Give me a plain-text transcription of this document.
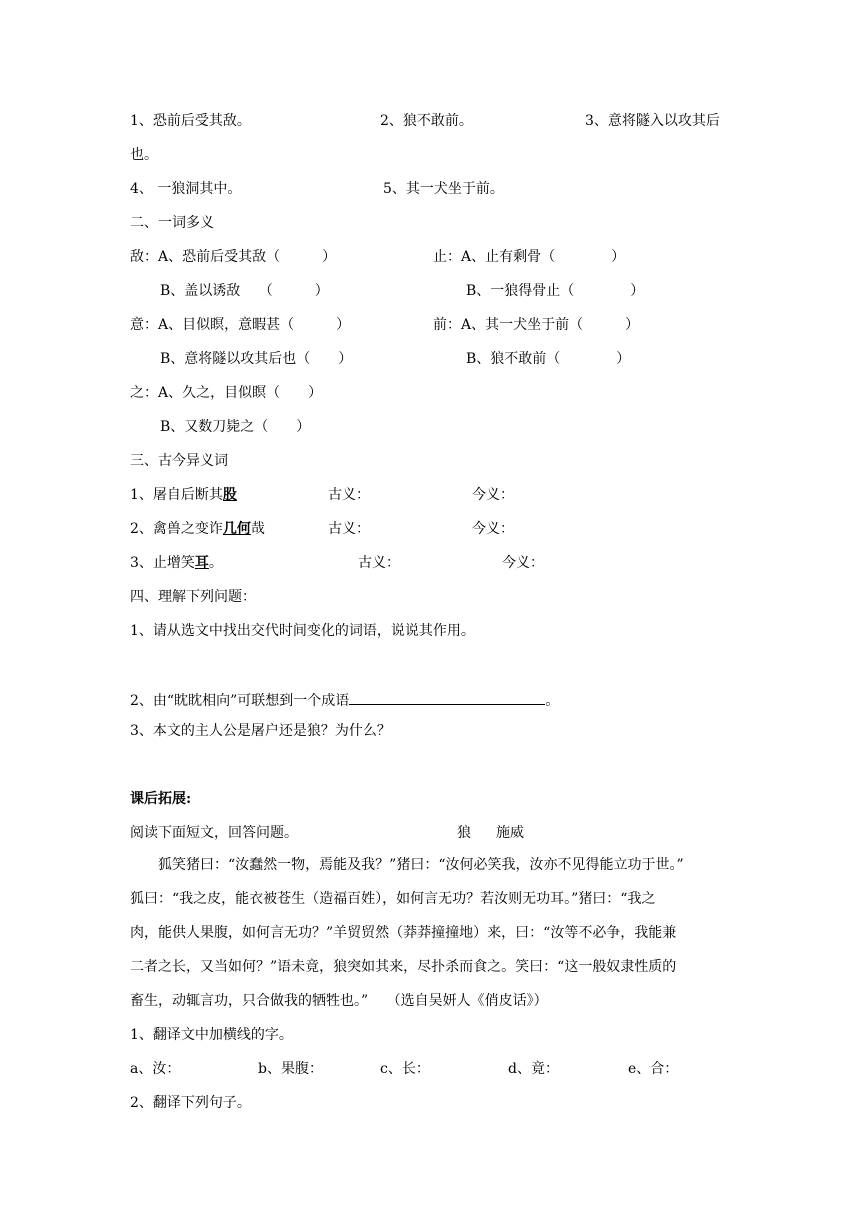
1、恐前后受其敌。	2、狼不敢前。	3、意将隧入以攻其后
也。
4、 一狼洞其中。	5、其一犬坐于前。
二、一词多义
敌：A、恐前后受其敌（　　　）	止：A、止有剩骨（　　　　）
B、盖以诱敌　 （　　　）	B、一狼得骨止（　　　　）
意：A、目似瞑，意暇甚（　　　）	前：A、其一犬坐于前（　　　）
B、意将隧以攻其后也（　　）	B、狼不敢前（　　　　）
之：A、久之，目似瞑（　　）
B、又数刀毙之（　　）
三、古今异义词
1、屠自后断其股	古义：	今义：
2、禽兽之变诈几何哉	古义：	今义：
3、止增笑耳。	古义：	今义：
四、理解下列问题：
1、请从选文中找出交代时间变化的词语，说说其作用。
2、由“眈眈相向”可联想到一个成语	。
3、本文的主人公是屠户还是狼？为什么？
课后拓展:
阅读下面短文，回答问题。	狼 施威
狐笑猪曰：“汝蠢然一物，焉能及我？”猪曰：“汝何必笑我，汝亦不见得能立功于世。”
狐曰：“我之皮，能衣被苍生（造福百姓），如何言无功？若汝则无功耳。”猪曰：“我之
肉，能供人果腹，如何言无功？”羊贸贸然（莽莽撞撞地）来，曰：“汝等不必争，我能兼
二者之长，又当如何？”语未竟，狼突如其来，尽扑杀而食之。笑曰：“这一般奴隶性质的
畜生，动辄言功，只合做我的牺牲也。”　 （选自吴妍人《俏皮话》）
1、翻译文中加横线的字。
a、汝：	b、果腹：	c、长：	d、竟：	e、合：
2、翻译下列句子。
